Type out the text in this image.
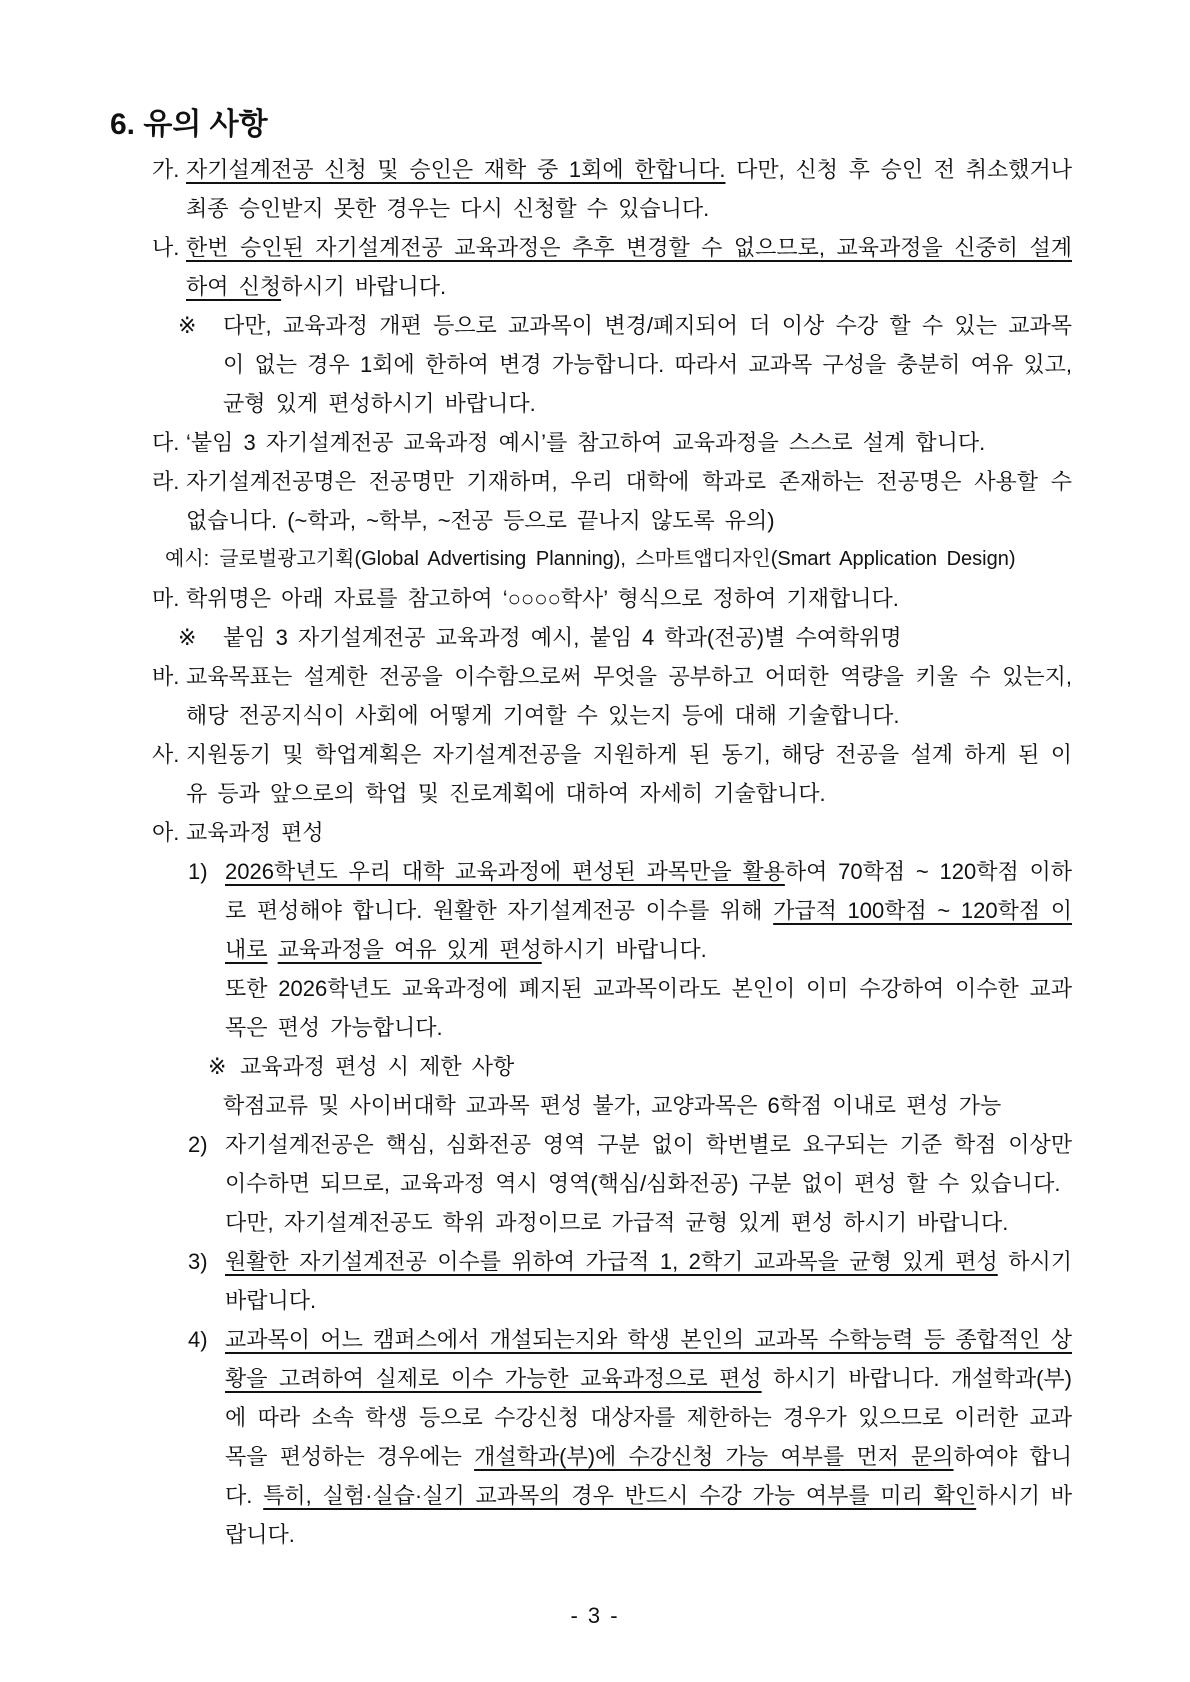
6. 유의 사항
가. 자기설계전공 신청 및 승인은 재학 중 1회에 한합니다. 다만, 신청 후 승인 전 취소했거나 최종 승인받지 못한 경우는 다시 신청할 수 있습니다.

나. 한번 승인된 자기설계전공 교육과정은 추후 변경할 수 없으므로, 교육과정을 신중히 설계하여 신청하시기 바랍니다.

※	다만, 교육과정 개편 등으로 교과목이 변경/폐지되어 더 이상 수강 할 수 있는 교과목이 없는 경우 1회에 한하여 변경 가능합니다. 따라서 교과목 구성을 충분히 여유 있고, 균형 있게 편성하시기 바랍니다.

다. ‘붙임 3 자기설계전공 교육과정 예시’를 참고하여 교육과정을 스스로 설계 합니다.

라. 자기설계전공명은 전공명만 기재하며, 우리 대학에 학과로 존재하는 전공명은 사용할 수 없습니다. (~학과, ~학부, ~전공 등으로 끝나지 않도록 유의)

예시: 글로벌광고기획(Global Advertising Planning), 스마트앱디자인(Smart Application Design)

마. 학위명은 아래 자료를 참고하여 ‘○○○○학사’ 형식으로 정하여 기재합니다.

※	붙임 3 자기설계전공 교육과정 예시, 붙임 4 학과(전공)별 수여학위명

바. 교육목표는 설계한 전공을 이수함으로써 무엇을 공부하고 어떠한 역량을 키울 수 있는지, 해당 전공지식이 사회에 어떻게 기여할 수 있는지 등에 대해 기술합니다.

사. 지원동기 및 학업계획은 자기설계전공을 지원하게 된 동기, 해당 전공을 설계 하게 된 이유 등과 앞으로의 학업 및 진로계획에 대하여 자세히 기술합니다.

아. 교육과정 편성

1) 2026학년도 우리 대학 교육과정에 편성된 과목만을 활용하여 70학점 ~ 120학점 이하로 편성해야 합니다. 원활한 자기설계전공 이수를 위해 가급적 100학점 ~ 120학점 이내로 교육과정을 여유 있게 편성하시기 바랍니다.

또한 2026학년도 교육과정에 폐지된 교과목이라도 본인이 이미 수강하여 이수한 교과목은 편성 가능합니다.

※ 교육과정 편성 시 제한 사항

학점교류 및 사이버대학 교과목 편성 불가, 교양과목은 6학점 이내로 편성 가능

2) 자기설계전공은 핵심, 심화전공 영역 구분 없이 학번별로 요구되는 기준 학점 이상만 이수하면 되므로, 교육과정 역시 영역(핵심/심화전공) 구분 없이 편성 할 수 있습니다.

다만, 자기설계전공도 학위 과정이므로 가급적 균형 있게 편성 하시기 바랍니다.

3) 원활한 자기설계전공 이수를 위하여 가급적 1, 2학기 교과목을 균형 있게 편성 하시기 바랍니다.

4) 교과목이 어느 캠퍼스에서 개설되는지와 학생 본인의 교과목 수학능력 등 종합적인 상황을 고려하여 실제로 이수 가능한 교육과정으로 편성 하시기 바랍니다. 개설학과(부)에 따라 소속 학생 등으로 수강신청 대상자를 제한하는 경우가 있으므로 이러한 교과목을 편성하는 경우에는 개설학과(부)에 수강신청 가능 여부를 먼저 문의하여야 합니다. 특히, 실험·실습·실기 교과목의 경우 반드시 수강 가능 여부를 미리 확인하시기 바랍니다.

- 3 -
